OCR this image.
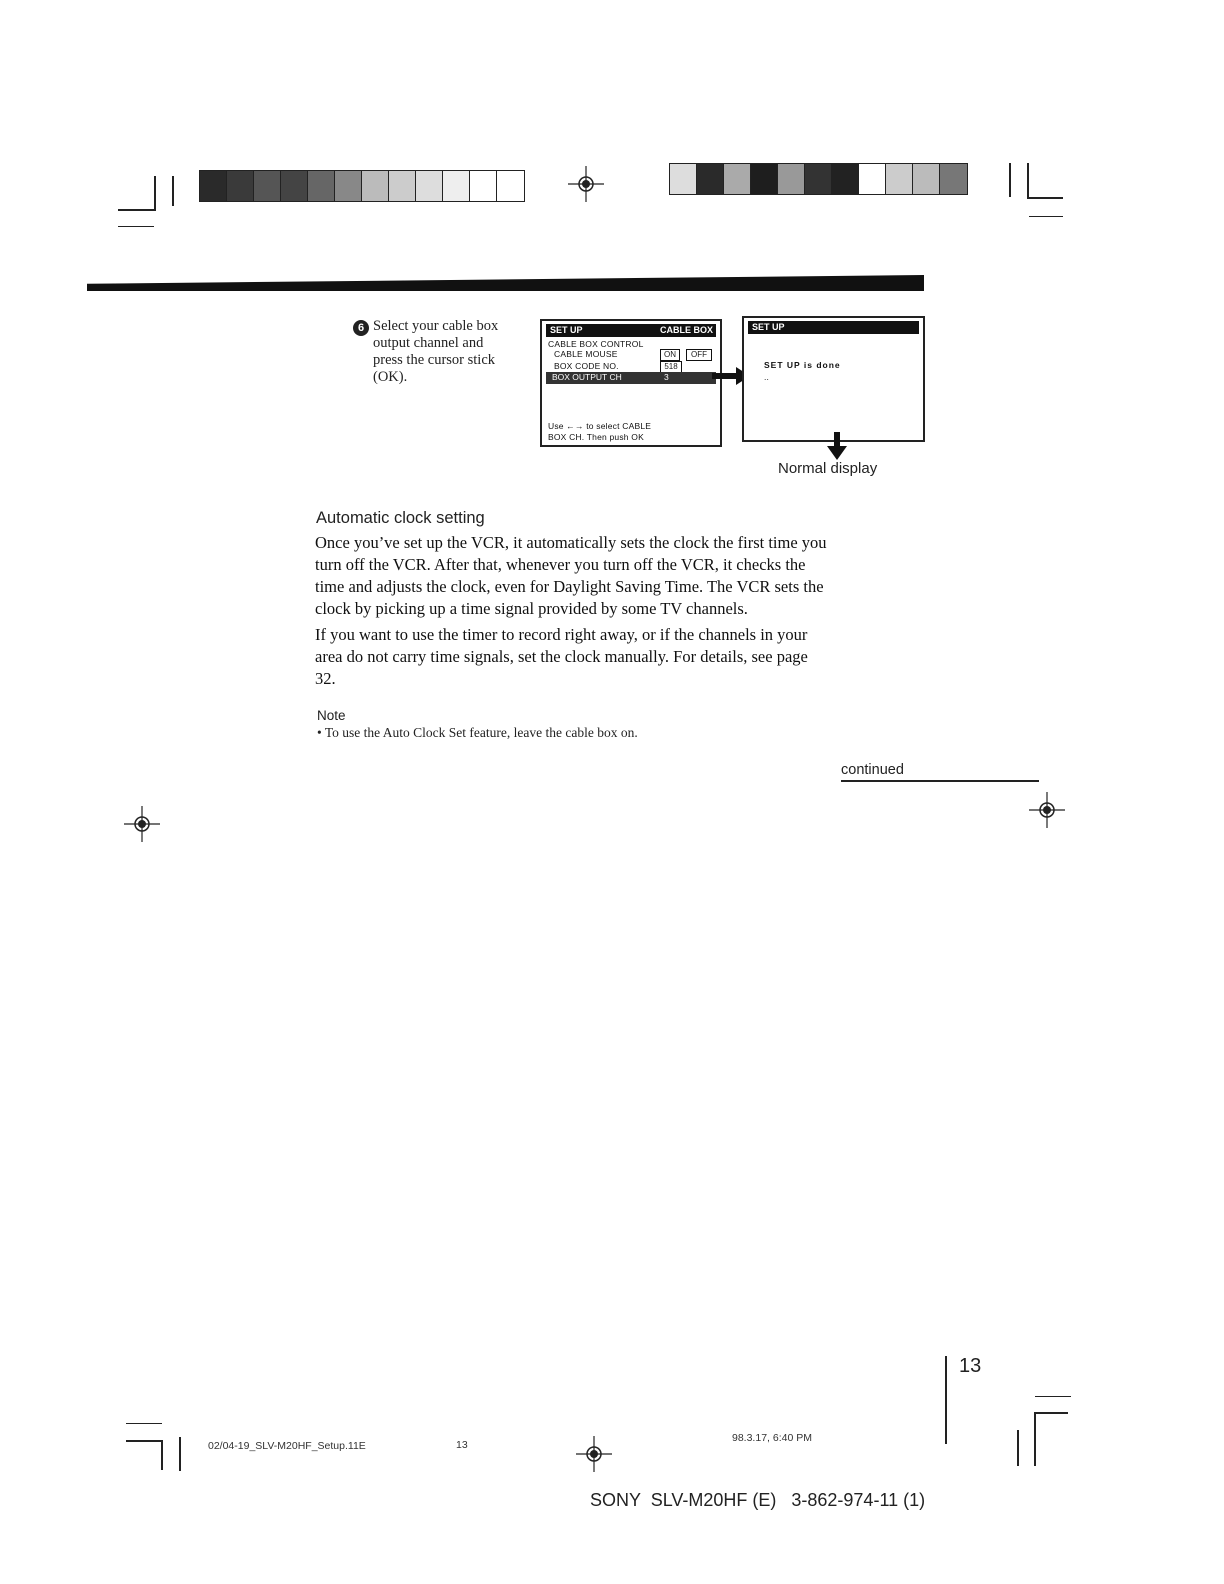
6 Select your cable box
output channel and
press the cursor stick
(OK).
SET UP	CABLE BOX
CABLE BOX CONTROL
CABLE MOUSE	ON	OFF
BOX CODE NO.	518
BOX OUTPUT CH	3
Use ←→ to select CABLE
BOX CH. Then push OK
SET UP
SET UP is done
..
Normal display
Automatic clock setting

Once you’ve set up the VCR, it automatically sets the clock the first time you

turn off the VCR. After that, whenever you turn off the VCR, it checks the

time and adjusts the clock, even for Daylight Saving Time. The VCR sets the

clock by picking up a time signal provided by some TV channels.

If you want to use the timer to record right away, or if the channels in your

area do not carry time signals, set the clock manually. For details, see page

32.

Note
• To use the Auto Clock Set feature, leave the cable box on.
continued
13
02/04-19_SLV-M20HF_Setup.11E	13
98.3.17, 6:40 PM
SONY  SLV-M20HF (E)   3-862-974-11 (1)
